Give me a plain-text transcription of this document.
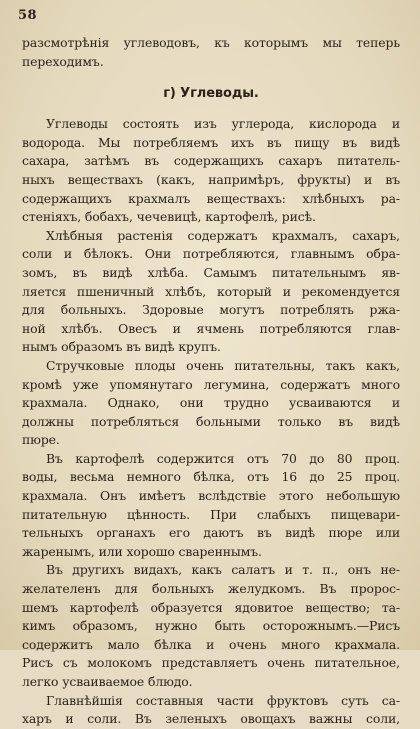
58
разсмотрѣнія углеводовъ, къ которымъ мы теперь
переходимъ.
г) Углеводы.
Углеводы состоять изъ углерода, кислорода и
водорода. Мы потребляемъ ихъ въ пищу въ видѣ
сахара, затѣмъ въ содержащихъ сахаръ питатель-
ныхъ веществахъ (какъ, напримѣръ, фрукты) и въ
содержащихъ крахмалъ веществахъ: хлѣбныхъ ра-
стеніяхъ, бобахъ, чечевицѣ, картофелѣ, рисѣ.
Хлѣбныя растенія содержатъ крахмалъ, сахаръ,
соли и бѣлокъ. Они потребляются, главнымъ обра-
зомъ, въ видѣ хлѣба. Самымъ питательнымъ яв-
ляется пшеничный хлѣбъ, который и рекомендуется
для больныхъ. Здоровые могутъ потреблять ржа-
ной хлѣбъ. Овесъ и ячмень потребляются глав-
нымъ образомъ въ видѣ крупъ.
Стручковые плоды очень питательны, такъ какъ,
кромѣ уже упомянутаго легумина, содержатъ много
крахмала. Однако, они трудно усваиваются и
должны потребляться больными только въ видѣ
пюре.
Въ картофелѣ содержится отъ 70 до 80 проц.
воды, весьма немного бѣлка, отъ 16 до 25 проц.
крахмала. Онъ имѣетъ вслѣдствіе этого небольшую
питательную цѣнность. При слабыхъ пищевари-
тельныхъ органахъ его даютъ въ видѣ пюре или
жаренымъ, или хорошо свареннымъ.
Въ другихъ видахъ, какъ салатъ и т. п., онъ не-
желателенъ для больныхъ желудкомъ. Въ пророс-
шемъ картофелѣ образуется ядовитое вещество; та-
кимъ образомъ, нужно быть осторожнымъ.—Рисъ
содержитъ мало бѣлка и очень много крахмала.
Рисъ съ молокомъ представляетъ очень питательное,
легко усваиваемое блюдо.
Главнѣйшія составныя части фруктовъ суть са-
харъ и соли. Въ зеленыхъ овощахъ важны соли,
